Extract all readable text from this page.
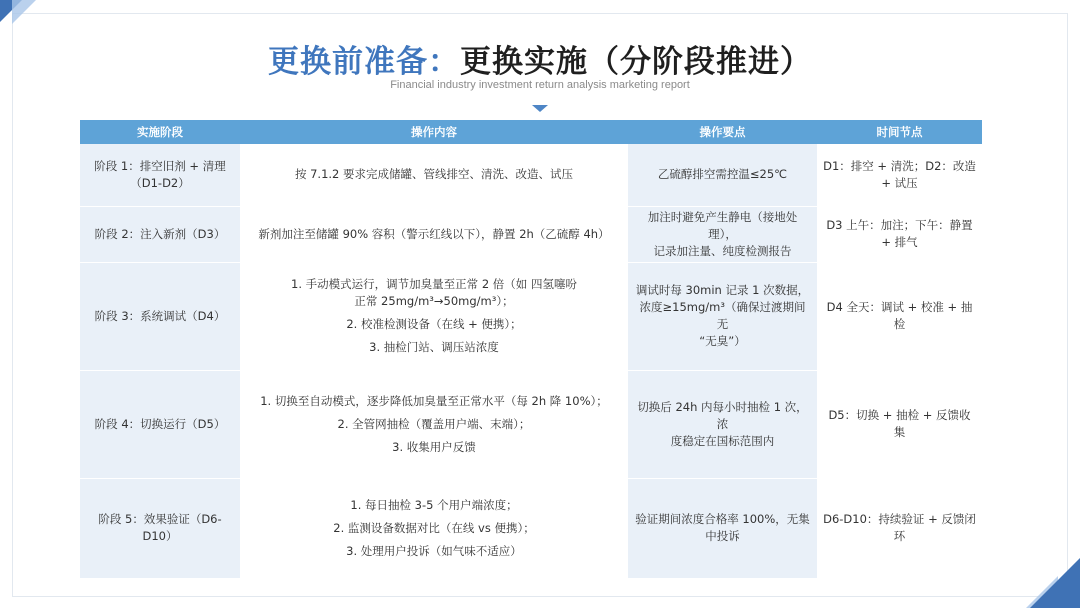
更换前准备：更换实施（分阶段推进）
Financial industry investment return analysis marketing report
实施阶段	操作内容	操作要点	时间节点

阶段 1：排空旧剂 + 清理
（D1-D2）	按 7.1.2 要求完成储罐、管线排空、清洗、改造、试压	乙硫醇排空需控温≤25℃	D1：排空 + 清洗；D2：改造
+ 试压

阶段 2：注入新剂（D3）	新剂加注至储罐 90% 容积（警示红线以下），静置 2h（乙硫醇 4h）	加注时避免产生静电（接地处理），
记录加注量、纯度检测报告	D3 上午：加注；下午：静置
+ 排气

阶段 3：系统调试（D4）	1. 手动模式运行，调节加臭量至正常 2 倍（如 四氢噻吩 正常 25mg/m³→50mg/m³）；
2. 校准检测设备（在线 + 便携）；
3. 抽检门站、调压站浓度	调试时每 30min 记录 1 次数据，
浓度≥15mg/m³（确保过渡期间无
“无臭”）	D4 全天：调试 + 校准 + 抽检

阶段 4：切换运行（D5）	1. 切换至自动模式，逐步降低加臭量至正常水平（每 2h 降 10%）；
2. 全管网抽检（覆盖用户端、末端）；
3. 收集用户反馈	切换后 24h 内每小时抽检 1 次，浓
度稳定在国标范围内	D5：切换 + 抽检 + 反馈收集

阶段 5：效果验证（D6-D10）	1. 每日抽检 3-5 个用户端浓度；
2. 监测设备数据对比（在线 vs 便携）；
3. 处理用户投诉（如气味不适应）	验证期间浓度合格率 100%，无集
中投诉	D6-D10：持续验证 + 反馈闭
环
